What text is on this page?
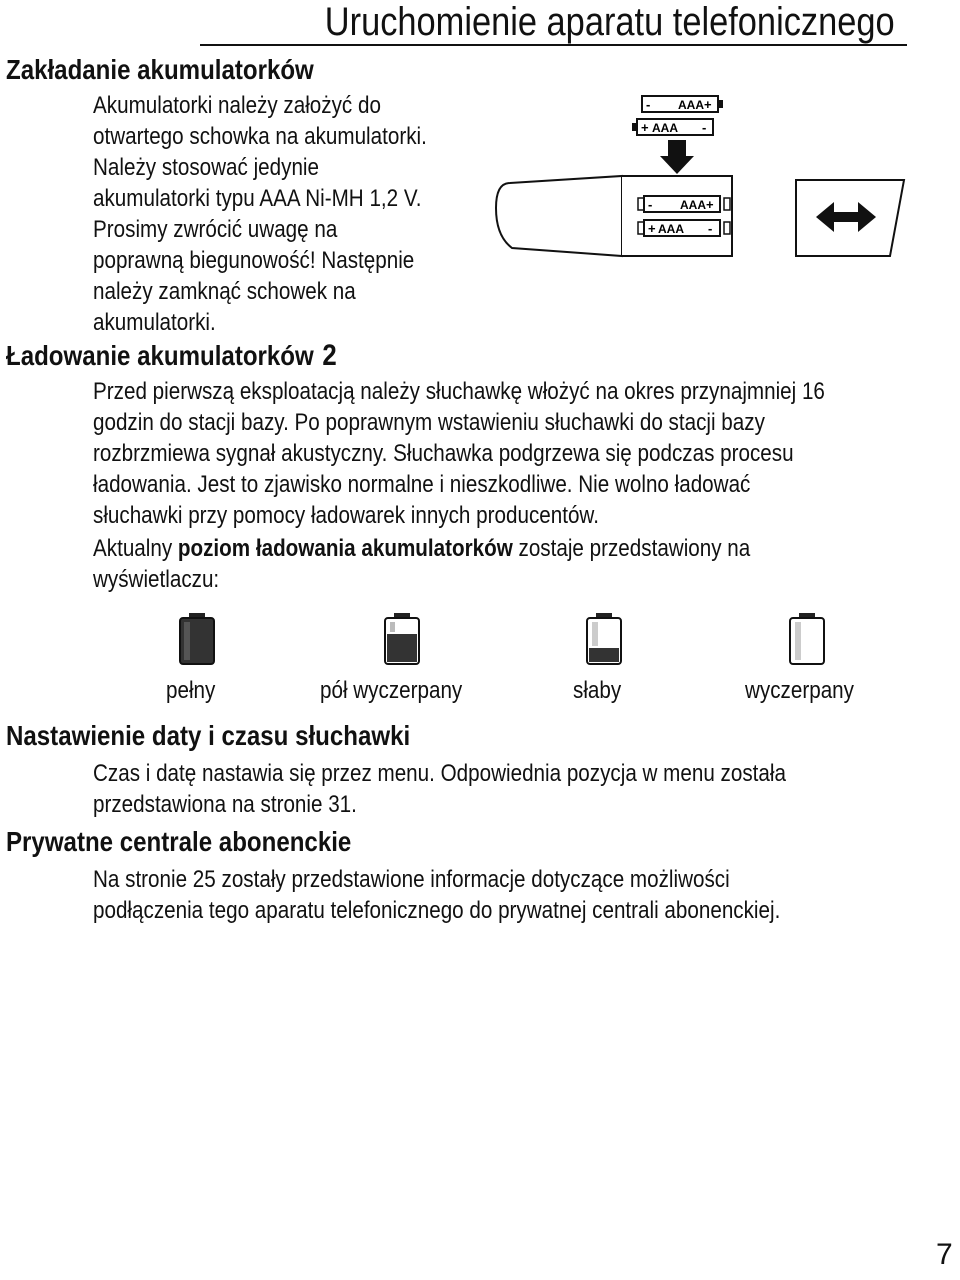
Uruchomienie aparatu telefonicznego
Zakładanie akumulatorków
Akumulatorki należy założyć do
otwartego schowka na akumulatorki.
Należy stosować jedynie
akumulatorki typu AAA Ni-MH 1,2 V.
Prosimy zwrócić uwagę na
poprawną biegunowość! Następnie
należy zamknąć schowek na
akumulatorki.
- AAA +
+ AAA -
- AAA +
+ AAA -
Ładowanie akumulatorków 2
Przed pierwszą eksploatacją należy słuchawkę włożyć na okres przynajmniej 16
godzin do stacji bazy. Po poprawnym wstawieniu słuchawki do stacji bazy
rozbrzmiewa sygnał akustyczny. Słuchawka podgrzewa się podczas procesu
ładowania. Jest to zjawisko normalne i nieszkodliwe. Nie wolno ładować
słuchawki przy pomocy ładowarek innych producentów.
Aktualny poziom ładowania akumulatorków zostaje przedstawiony na
wyświetlaczu:
pełny	pół wyczerpany	słaby	wyczerpany
Nastawienie daty i czasu słuchawki
Czas i datę nastawia się przez menu. Odpowiednia pozycja w menu została
przedstawiona na stronie 31.
Prywatne centrale abonenckie
Na stronie 25 zostały przedstawione informacje dotyczące możliwości
podłączenia tego aparatu telefonicznego do prywatnej centrali abonenckiej.
7
